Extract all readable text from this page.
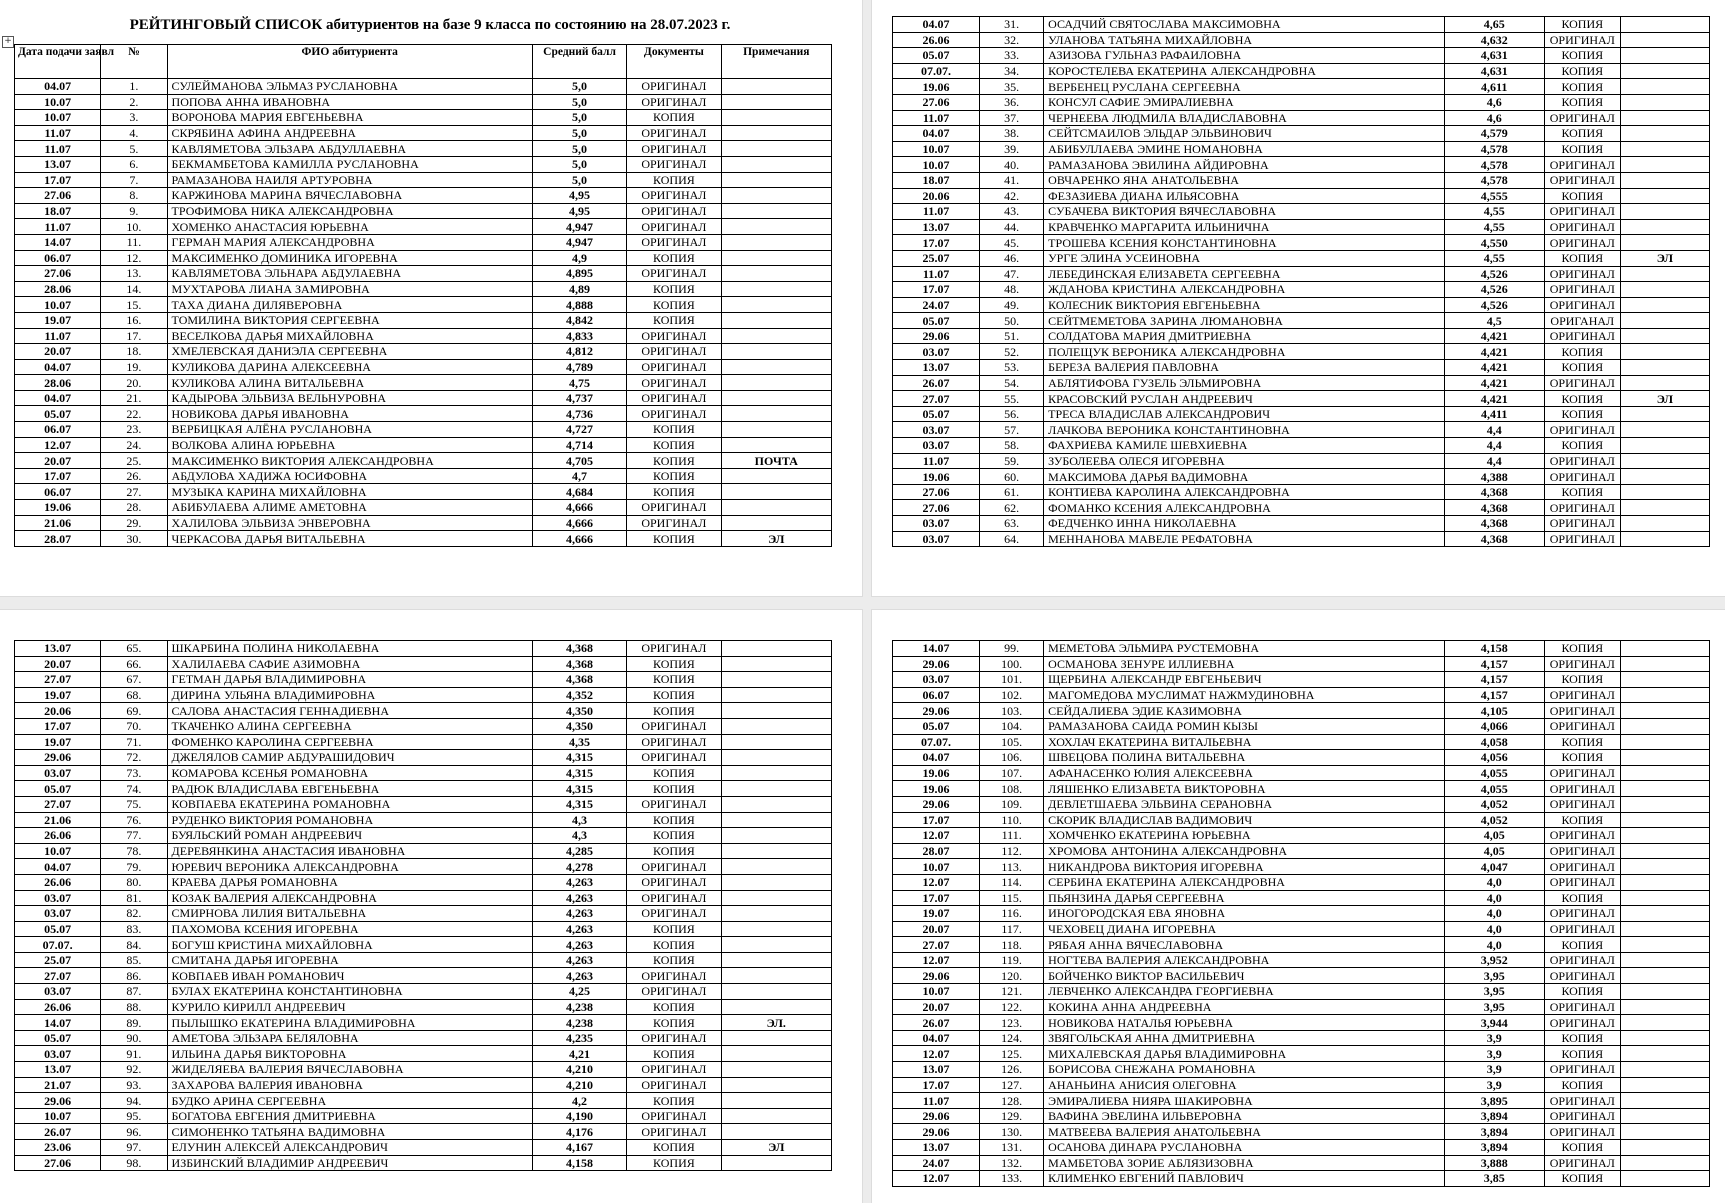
РЕЙТИНГОВЫЙ СПИСОК абитуриентов на базе 9 класса по состоянию на 28.07.2023 г.
+
Дата подачи заявл	№	ФИО абитуриента	Средний балл	Документы	Примечания
04.07	1.	СУЛЕЙМАНОВА ЭЛЬМАЗ РУСЛАНОВНА	5,0	ОРИГИНАЛ	
10.07	2.	ПОПОВА АННА ИВАНОВНА	5,0	ОРИГИНАЛ	
10.07	3.	ВОРОНОВА МАРИЯ ЕВГЕНЬЕВНА	5,0	КОПИЯ	
11.07	4.	СКРЯБИНА АФИНА АНДРЕЕВНА	5,0	ОРИГИНАЛ	
11.07	5.	КАВЛЯМЕТОВА ЭЛЬЗАРА АБДУЛЛАЕВНА	5,0	ОРИГИНАЛ	
13.07	6.	БЕКМАМБЕТОВА КАМИЛЛА РУСЛАНОВНА	5,0	ОРИГИНАЛ	
17.07	7.	РАМАЗАНОВА НАИЛЯ АРТУРОВНА	5,0	КОПИЯ	
27.06	8.	КАРЖИНОВА МАРИНА ВЯЧЕСЛАВОВНА	4,95	ОРИГИНАЛ	
18.07	9.	ТРОФИМОВА НИКА АЛЕКСАНДРОВНА	4,95	ОРИГИНАЛ	
11.07	10.	ХОМЕНКО АНАСТАСИЯ ЮРЬЕВНА	4,947	ОРИГИНАЛ	
14.07	11.	ГЕРМАН МАРИЯ АЛЕКСАНДРОВНА	4,947	ОРИГИНАЛ	
06.07	12.	МАКСИМЕНКО ДОМИНИКА ИГОРЕВНА	4,9	КОПИЯ	
27.06	13.	КАВЛЯМЕТОВА ЭЛЬНАРА АБДУЛАЕВНА	4,895	ОРИГИНАЛ	
28.06	14.	МУХТАРОВА ЛИАНА ЗАМИРОВНА	4,89	КОПИЯ	
10.07	15.	ТАХА ДИАНА ДИЛЯВЕРОВНА	4,888	КОПИЯ	
19.07	16.	ТОМИЛИНА ВИКТОРИЯ СЕРГЕЕВНА	4,842	КОПИЯ	
11.07	17.	ВЕСЕЛКОВА ДАРЬЯ МИХАЙЛОВНА	4,833	ОРИГИНАЛ	
20.07	18.	ХМЕЛЕВСКАЯ ДАНИЭЛА СЕРГЕЕВНА	4,812	ОРИГИНАЛ	
04.07	19.	КУЛИКОВА ДАРИНА АЛЕКСЕЕВНА	4,789	ОРИГИНАЛ	
28.06	20.	КУЛИКОВА АЛИНА ВИТАЛЬЕВНА	4,75	ОРИГИНАЛ	
04.07	21.	КАДЫРОВА ЭЛЬВИЗА ВЕЛЬНУРОВНА	4,737	ОРИГИНАЛ	
05.07	22.	НОВИКОВА ДАРЬЯ ИВАНОВНА	4,736	ОРИГИНАЛ	
06.07	23.	ВЕРБИЦКАЯ АЛЁНА РУСЛАНОВНА	4,727	КОПИЯ	
12.07	24.	ВОЛКОВА АЛИНА ЮРЬЕВНА	4,714	КОПИЯ	
20.07	25.	МАКСИМЕНКО ВИКТОРИЯ АЛЕКСАНДРОВНА	4,705	КОПИЯ	ПОЧТА
17.07	26.	АБДУЛОВА ХАДИЖА ЮСИФОВНА	4,7	КОПИЯ	
06.07	27.	МУЗЫКА КАРИНА МИХАЙЛОВНА	4,684	КОПИЯ	
19.06	28.	АБИБУЛАЕВА АЛИМЕ АМЕТОВНА	4,666	ОРИГИНАЛ	
21.06	29.	ХАЛИЛОВА ЭЛЬВИЗА ЭНВЕРОВНА	4,666	ОРИГИНАЛ	
28.07	30.	ЧЕРКАСОВА ДАРЬЯ ВИТАЛЬЕВНА	4,666	КОПИЯ	ЭЛ
04.07	31.	ОСАДЧИЙ СВЯТОСЛАВА МАКСИМОВНА	4,65	КОПИЯ	
26.06	32.	УЛАНОВА ТАТЬЯНА МИХАЙЛОВНА	4,632	ОРИГИНАЛ	
05.07	33.	АЗИЗОВА ГУЛЬНАЗ РАФАИЛОВНА	4,631	КОПИЯ	
07.07.	34.	КОРОСТЕЛЕВА ЕКАТЕРИНА АЛЕКСАНДРОВНА	4,631	КОПИЯ	
19.06	35.	ВЕРБЕНЕЦ РУСЛАНА СЕРГЕЕВНА	4,611	КОПИЯ	
27.06	36.	КОНСУЛ САФИЕ ЭМИРАЛИЕВНА	4,6	КОПИЯ	
11.07	37.	ЧЕРНЕЕВА ЛЮДМИЛА ВЛАДИСЛАВОВНА	4,6	ОРИГИНАЛ	
04.07	38.	СЕЙТСМАИЛОВ ЭЛЬДАР ЭЛЬВИНОВИЧ	4,579	КОПИЯ	
10.07	39.	АБИБУЛЛАЕВА ЭМИНЕ НОМАНОВНА	4,578	КОПИЯ	
10.07	40.	РАМАЗАНОВА ЭВИЛИНА АЙДИРОВНА	4,578	ОРИГИНАЛ	
18.07	41.	ОВЧАРЕНКО ЯНА АНАТОЛЬЕВНА	4,578	ОРИГИНАЛ	
20.06	42.	ФЕЗАЗИЕВА ДИАНА ИЛЬЯСОВНА	4,555	КОПИЯ	
11.07	43.	СУБАЧЕВА ВИКТОРИЯ ВЯЧЕСЛАВОВНА	4,55	ОРИГИНАЛ	
13.07	44.	КРАВЧЕНКО МАРГАРИТА ИЛЬИНИЧНА	4,55	ОРИГИНАЛ	
17.07	45.	ТРОШЕВА КСЕНИЯ КОНСТАНТИНОВНА	4,550	ОРИГИНАЛ	
25.07	46.	УРГЕ ЭЛИНА УСЕИНОВНА	4,55	КОПИЯ	ЭЛ
11.07	47.	ЛЕБЕДИНСКАЯ ЕЛИЗАВЕТА СЕРГЕЕВНА	4,526	ОРИГИНАЛ	
17.07	48.	ЖДАНОВА КРИСТИНА АЛЕКСАНДРОВНА	4,526	ОРИГИНАЛ	
24.07	49.	КОЛЕСНИК ВИКТОРИЯ ЕВГЕНЬЕВНА	4,526	ОРИГИНАЛ	
05.07	50.	СЕЙТМЕМЕТОВА ЗАРИНА ЛЮМАНОВНА	4,5	ОРИГАНАЛ	
29.06	51.	СОЛДАТОВА МАРИЯ ДМИТРИЕВНА	4,421	ОРИГИНАЛ	
03.07	52.	ПОЛЕЩУК ВЕРОНИКА АЛЕКСАНДРОВНА	4,421	КОПИЯ	
13.07	53.	БЕРЕЗА ВАЛЕРИЯ ПАВЛОВНА	4,421	КОПИЯ	
26.07	54.	АБЛЯТИФОВА ГУЗЕЛЬ ЭЛЬМИРОВНА	4,421	ОРИГИНАЛ	
27.07	55.	КРАСОВСКИЙ РУСЛАН АНДРЕЕВИЧ	4,421	КОПИЯ	ЭЛ
05.07	56.	ТРЕСА ВЛАДИСЛАВ АЛЕКСАНДРОВИЧ	4,411	КОПИЯ	
03.07	57.	ЛАЧКОВА ВЕРОНИКА КОНСТАНТИНОВНА	4,4	ОРИГИНАЛ	
03.07	58.	ФАХРИЕВА КАМИЛЕ ШЕВХИЕВНА	4,4	КОПИЯ	
11.07	59.	ЗУБОЛЕЕВА ОЛЕСЯ ИГОРЕВНА	4,4	ОРИГИНАЛ	
19.06	60.	МАКСИМОВА ДАРЬЯ ВАДИМОВНА	4,388	ОРИГИНАЛ	
27.06	61.	КОНТИЕВА КАРОЛИНА АЛЕКСАНДРОВНА	4,368	КОПИЯ	
27.06	62.	ФОМАНКО КСЕНИЯ АЛЕКСАНДРОВНА	4,368	ОРИГИНАЛ	
03.07	63.	ФЕДЧЕНКО ИННА НИКОЛАЕВНА	4,368	ОРИГИНАЛ	
03.07	64.	МЕННАНОВА МАВЕЛЕ РЕФАТОВНА	4,368	ОРИГИНАЛ	
13.07	65.	ШКАРБИНА ПОЛИНА НИКОЛАЕВНА	4,368	ОРИГИНАЛ	
20.07	66.	ХАЛИЛАЕВА САФИЕ АЗИМОВНА	4,368	КОПИЯ	
27.07	67.	ГЕТМАН ДАРЬЯ ВЛАДИМИРОВНА	4,368	КОПИЯ	
19.07	68.	ДИРИНА УЛЬЯНА ВЛАДИМИРОВНА	4,352	КОПИЯ	
20.06	69.	САЛОВА АНАСТАСИЯ ГЕННАДИЕВНА	4,350	КОПИЯ	
17.07	70.	ТКАЧЕНКО АЛИНА СЕРГЕЕВНА	4,350	ОРИГИНАЛ	
19.07	71.	ФОМЕНКО КАРОЛИНА СЕРГЕЕВНА	4,35	ОРИГИНАЛ	
29.06	72.	ДЖЕЛЯЛОВ САМИР АБДУРАШИДОВИЧ	4,315	ОРИГИНАЛ	
03.07	73.	КОМАРОВА КСЕНЬЯ РОМАНОВНА	4,315	КОПИЯ	
05.07	74.	РАДЮК ВЛАДИСЛАВА ЕВГЕНЬЕВНА	4,315	КОПИЯ	
27.07	75.	КОВПАЕВА ЕКАТЕРИНА РОМАНОВНА	4,315	ОРИГИНАЛ	
21.06	76.	РУДЕНКО ВИКТОРИЯ РОМАНОВНА	4,3	КОПИЯ	
26.06	77.	БУЯЛЬСКИЙ РОМАН АНДРЕЕВИЧ	4,3	КОПИЯ	
10.07	78.	ДЕРЕВЯНКИНА АНАСТАСИЯ ИВАНОВНА	4,285	КОПИЯ	
04.07	79.	ЮРЕВИЧ ВЕРОНИКА АЛЕКСАНДРОВНА	4,278	ОРИГИНАЛ	
26.06	80.	КРАЕВА ДАРЬЯ РОМАНОВНА	4,263	ОРИГИНАЛ	
03.07	81.	КОЗАК ВАЛЕРИЯ АЛЕКСАНДРОВНА	4,263	ОРИГИНАЛ	
03.07	82.	СМИРНОВА ЛИЛИЯ ВИТАЛЬЕВНА	4,263	ОРИГИНАЛ	
05.07	83.	ПАХОМОВА КСЕНИЯ ИГОРЕВНА	4,263	КОПИЯ	
07.07.	84.	БОГУШ КРИСТИНА МИХАЙЛОВНА	4,263	КОПИЯ	
25.07	85.	СМИТАНА ДАРЬЯ ИГОРЕВНА	4,263	КОПИЯ	
27.07	86.	КОВПАЕВ ИВАН РОМАНОВИЧ	4,263	ОРИГИНАЛ	
03.07	87.	БУЛАХ ЕКАТЕРИНА КОНСТАНТИНОВНА	4,25	ОРИГИНАЛ	
26.06	88.	КУРИЛО КИРИЛЛ АНДРЕЕВИЧ	4,238	КОПИЯ	
14.07	89.	ПЫЛЫШКО ЕКАТЕРИНА ВЛАДИМИРОВНА	4,238	КОПИЯ	ЭЛ.
05.07	90.	АМЕТОВА ЭЛЬЗАРА БЕЛЯЛОВНА	4,235	ОРИГИНАЛ	
03.07	91.	ИЛЬИНА ДАРЬЯ ВИКТОРОВНА	4,21	КОПИЯ	
13.07	92.	ЖИДЕЛЯЕВА ВАЛЕРИЯ ВЯЧЕСЛАВОВНА	4,210	ОРИГИНАЛ	
21.07	93.	ЗАХАРОВА ВАЛЕРИЯ ИВАНОВНА	4,210	ОРИГИНАЛ	
29.06	94.	БУДКО АРИНА СЕРГЕЕВНА	4,2	КОПИЯ	
10.07	95.	БОГАТОВА ЕВГЕНИЯ ДМИТРИЕВНА	4,190	ОРИГИНАЛ	
26.07	96.	СИМОНЕНКО ТАТЬЯНА ВАДИМОВНА	4,176	ОРИГИНАЛ	
23.06	97.	ЕЛУНИН АЛЕКСЕЙ АЛЕКСАНДРОВИЧ	4,167	КОПИЯ	ЭЛ
27.06	98.	ИЗБИНСКИЙ ВЛАДИМИР АНДРЕЕВИЧ	4,158	КОПИЯ	
14.07	99.	МЕМЕТОВА ЭЛЬМИРА РУСТЕМОВНА	4,158	КОПИЯ	
29.06	100.	ОСМАНОВА ЗЕНУРЕ ИЛЛИЕВНА	4,157	ОРИГИНАЛ	
03.07	101.	ЩЕРБИНА АЛЕКСАНДР ЕВГЕНЬЕВИЧ	4,157	КОПИЯ	
06.07	102.	МАГОМЕДОВА МУСЛИМАТ НАЖМУДИНОВНА	4,157	ОРИГИНАЛ	
29.06	103.	СЕЙДАЛИЕВА ЭДИЕ КАЗИМОВНА	4,105	ОРИГИНАЛ	
05.07	104.	РАМАЗАНОВА САИДА РОМИН КЫЗЫ	4,066	ОРИГИНАЛ	
07.07.	105.	ХОХЛАЧ ЕКАТЕРИНА ВИТАЛЬЕВНА	4,058	КОПИЯ	
04.07	106.	ШВЕЦОВА ПОЛИНА ВИТАЛЬЕВНА	4,056	КОПИЯ	
19.06	107.	АФАНАСЕНКО ЮЛИЯ АЛЕКСЕЕВНА	4,055	ОРИГИНАЛ	
19.06	108.	ЛЯШЕНКО ЕЛИЗАВЕТА ВИКТОРОВНА	4,055	ОРИГИНАЛ	
29.06	109.	ДЕВЛЕТШАЕВА ЭЛЬВИНА СЕРАНОВНА	4,052	ОРИГИНАЛ	
17.07	110.	СКОРИК ВЛАДИСЛАВ ВАДИМОВИЧ	4,052	КОПИЯ	
12.07	111.	ХОМЧЕНКО ЕКАТЕРИНА ЮРЬЕВНА	4,05	ОРИГИНАЛ	
28.07	112.	ХРОМОВА АНТОНИНА АЛЕКСАНДРОВНА	4,05	ОРИГИНАЛ	
10.07	113.	НИКАНДРОВА ВИКТОРИЯ ИГОРЕВНА	4,047	ОРИГИНАЛ	
12.07	114.	СЕРБИНА ЕКАТЕРИНА АЛЕКСАНДРОВНА	4,0	ОРИГИНАЛ	
17.07	115.	ПЬЯНЗИНА ДАРЬЯ СЕРГЕЕВНА	4,0	КОПИЯ	
19.07	116.	ИНОГОРОДСКАЯ ЕВА ЯНОВНА	4,0	ОРИГИНАЛ	
20.07	117.	ЧЕХОВЕЦ ДИАНА ИГОРЕВНА	4,0	ОРИГИНАЛ	
27.07	118.	РЯБАЯ АННА ВЯЧЕСЛАВОВНА	4,0	КОПИЯ	
12.07	119.	НОГТЕВА ВАЛЕРИЯ АЛЕКСАНДРОВНА	3,952	ОРИГИНАЛ	
29.06	120.	БОЙЧЕНКО ВИКТОР ВАСИЛЬЕВИЧ	3,95	ОРИГИНАЛ	
10.07	121.	ЛЕВЧЕНКО АЛЕКСАНДРА ГЕОРГИЕВНА	3,95	КОПИЯ	
20.07	122.	КОКИНА АННА АНДРЕЕВНА	3,95	ОРИГИНАЛ	
26.07	123.	НОВИКОВА НАТАЛЬЯ ЮРЬЕВНА	3,944	ОРИГИНАЛ	
04.07	124.	ЗВЯГОЛЬСКАЯ АННА ДМИТРИЕВНА	3,9	КОПИЯ	
12.07	125.	МИХАЛЕВСКАЯ ДАРЬЯ ВЛАДИМИРОВНА	3,9	КОПИЯ	
13.07	126.	БОРИСОВА СНЕЖАНА РОМАНОВНА	3,9	ОРИГИНАЛ	
17.07	127.	АНАНЬИНА АНИСИЯ ОЛЕГОВНА	3,9	КОПИЯ	
11.07	128.	ЭМИРАЛИЕВА НИЯРА ШАКИРОВНА	3,895	ОРИГИНАЛ	
29.06	129.	ВАФИНА ЭВЕЛИНА ИЛЬВЕРОВНА	3,894	ОРИГИНАЛ	
29.06	130.	МАТВЕЕВА ВАЛЕРИЯ АНАТОЛЬЕВНА	3,894	ОРИГИНАЛ	
13.07	131.	ОСАНОВА ДИНАРА РУСЛАНОВНА	3,894	КОПИЯ	
24.07	132.	МАМБЕТОВА ЗОРИЕ АБЛЯЗИЗОВНА	3,888	ОРИГИНАЛ	
12.07	133.	КЛИМЕНКО ЕВГЕНИЙ ПАВЛОВИЧ	3,85	КОПИЯ	
